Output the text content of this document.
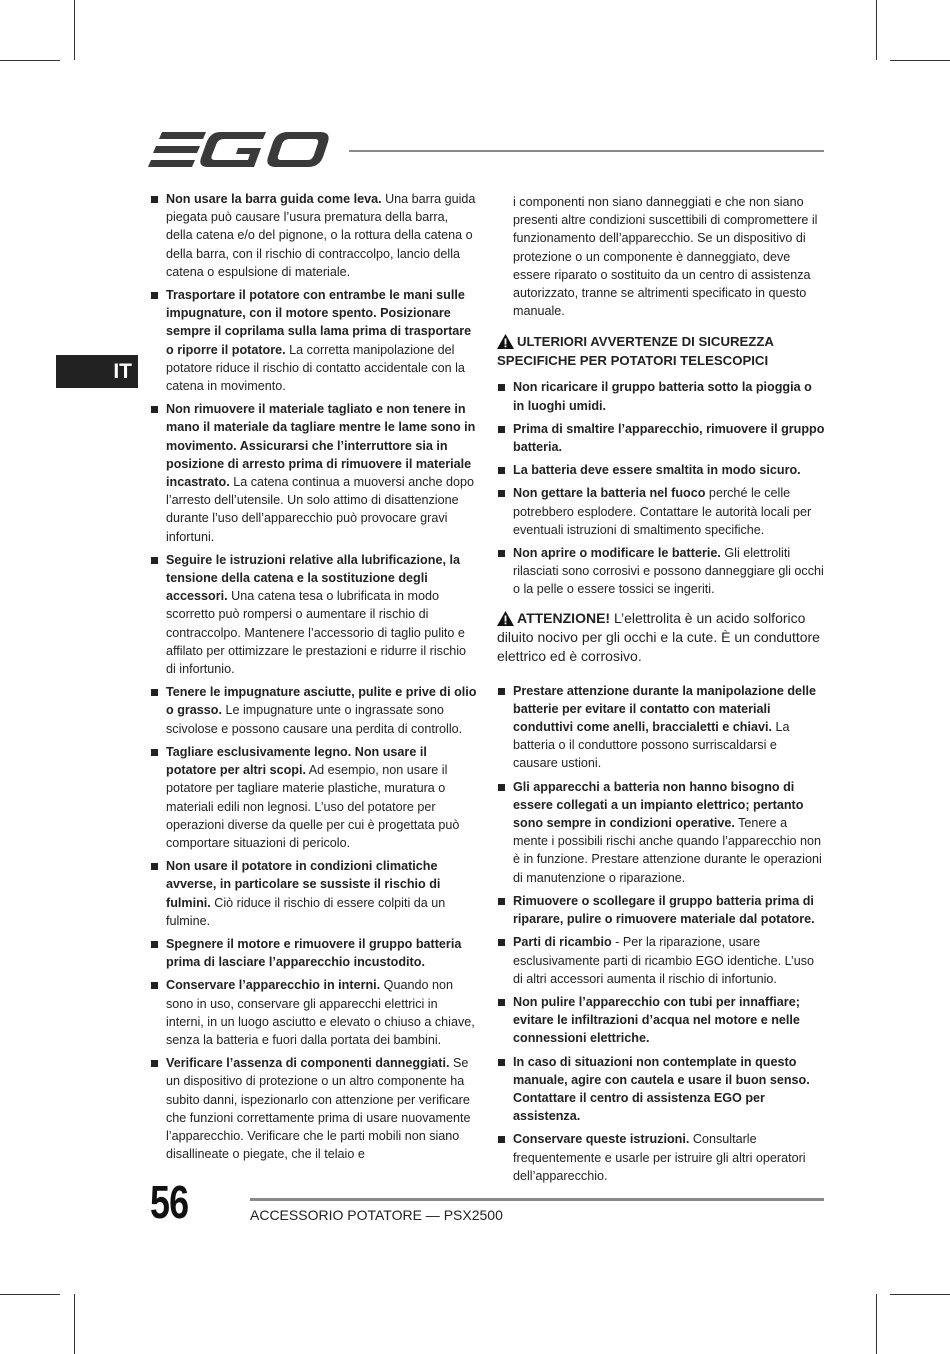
IT
Non usare la barra guida come leva. Una barra guida piegata può causare l’usura prematura della barra, della catena e/o del pignone, o la rottura della catena o della barra, con il rischio di contraccolpo, lancio della catena o espulsione di materiale.
Trasportare il potatore con entrambe le mani sulle impugnature, con il motore spento. Posizionare sempre il coprilama sulla lama prima di trasportare o riporre il potatore. La corretta manipolazione del potatore riduce il rischio di contatto accidentale con la catena in movimento.
Non rimuovere il materiale tagliato e non tenere in mano il materiale da tagliare mentre le lame sono in movimento. Assicurarsi che l’interruttore sia in posizione di arresto prima di rimuovere il materiale incastrato. La catena continua a muoversi anche dopo l’arresto dell’utensile. Un solo attimo di disattenzione durante l’uso dell’apparecchio può provocare gravi infortuni.
Seguire le istruzioni relative alla lubrificazione, la tensione della catena e la sostituzione degli accessori. Una catena tesa o lubrificata in modo scorretto può rompersi o aumentare il rischio di contraccolpo. Mantenere l’accessorio di taglio pulito e affilato per ottimizzare le prestazioni e ridurre il rischio di infortunio.
Tenere le impugnature asciutte, pulite e prive di olio o grasso. Le impugnature unte o ingrassate sono scivolose e possono causare una perdita di controllo.
Tagliare esclusivamente legno. Non usare il potatore per altri scopi. Ad esempio, non usare il potatore per tagliare materie plastiche, muratura o materiali edili non legnosi. L’uso del potatore per operazioni diverse da quelle per cui è progettata può comportare situazioni di pericolo.
Non usare il potatore in condizioni climatiche avverse, in particolare se sussiste il rischio di fulmini. Ciò riduce il rischio di essere colpiti da un fulmine.
Spegnere il motore e rimuovere il gruppo batteria prima di lasciare l’apparecchio incustodito.
Conservare l’apparecchio in interni. Quando non sono in uso, conservare gli apparecchi elettrici in interni, in un luogo asciutto e elevato o chiuso a chiave, senza la batteria e fuori dalla portata dei bambini.
Verificare l’assenza di componenti danneggiati. Se un dispositivo di protezione o un altro componente ha subito danni, ispezionarlo con attenzione per verificare che funzioni correttamente prima di usare nuovamente l’apparecchio. Verificare che le parti mobili non siano disallineate o piegate, che il telaio e

i componenti non siano danneggiati e che non siano presenti altre condizioni suscettibili di compromettere il funzionamento dell’apparecchio. Se un dispositivo di protezione o un componente è danneggiato, deve essere riparato o sostituito da un centro di assistenza autorizzato, tranne se altrimenti specificato in questo manuale.

ULTERIORI AVVERTENZE DI SICUREZZA SPECIFICHE PER POTATORI TELESCOPICI
Non ricaricare il gruppo batteria sotto la pioggia o in luoghi umidi.
Prima di smaltire l’apparecchio, rimuovere il gruppo batteria.
La batteria deve essere smaltita in modo sicuro.
Non gettare la batteria nel fuoco perché le celle potrebbero esplodere. Contattare le autorità locali per eventuali istruzioni di smaltimento specifiche.
Non aprire o modificare le batterie. Gli elettroliti rilasciati sono corrosivi e possono danneggiare gli occhi o la pelle o essere tossici se ingeriti.
ATTENZIONE! L’elettrolita è un acido solforico diluito nocivo per gli occhi e la cute. È un conduttore elettrico ed è corrosivo.
Prestare attenzione durante la manipolazione delle batterie per evitare il contatto con materiali conduttivi come anelli, braccialetti e chiavi. La batteria o il conduttore possono surriscaldarsi e causare ustioni.
Gli apparecchi a batteria non hanno bisogno di essere collegati a un impianto elettrico; pertanto sono sempre in condizioni operative. Tenere a mente i possibili rischi anche quando l’apparecchio non è in funzione. Prestare attenzione durante le operazioni di manutenzione o riparazione.
Rimuovere o scollegare il gruppo batteria prima di riparare, pulire o rimuovere materiale dal potatore.
Parti di ricambio - Per la riparazione, usare esclusivamente parti di ricambio EGO identiche. L’uso di altri accessori aumenta il rischio di infortunio.
Non pulire l’apparecchio con tubi per innaffiare; evitare le infiltrazioni d’acqua nel motore e nelle connessioni elettriche.
In caso di situazioni non contemplate in questo manuale, agire con cautela e usare il buon senso. Contattare il centro di assistenza EGO per assistenza.
Conservare queste istruzioni. Consultarle frequentemente e usarle per istruire gli altri operatori dell’apparecchio.
56	ACCESSORIO POTATORE — PSX2500
